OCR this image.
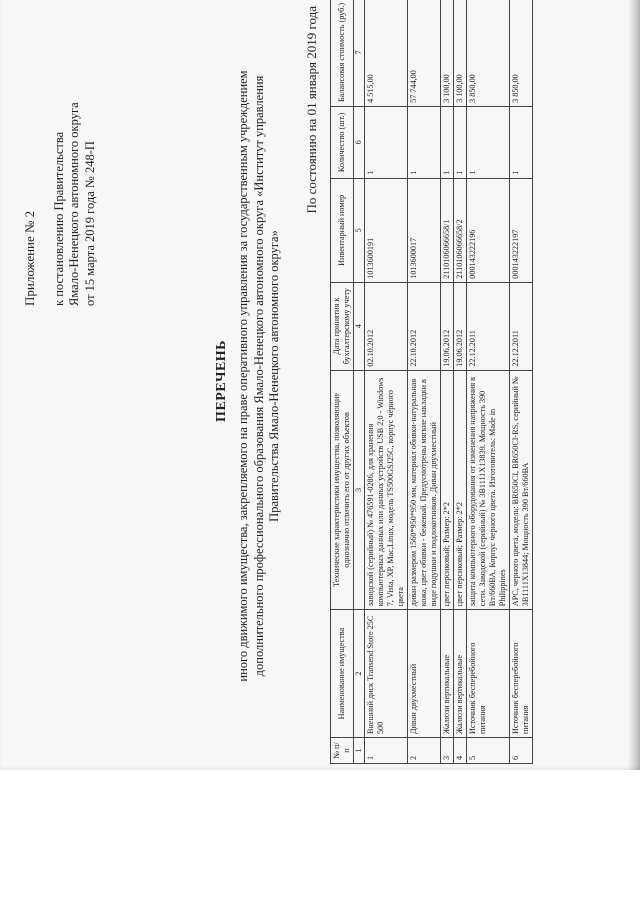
Приложение № 2 к постановлению Правительства Ямало-Ненецкого автономного округа от 15 марта 2019 года № 248-П
ПЕРЕЧЕНЬ иного движимого имущества, закрепляемого на праве оперативного управления за государственным учреждением дополнительного профессионального образования Ямало-Ненецкого автономного округа «Институт управления Правительства Ямало-Ненецкого автономного округа»
По состоянию на 01 января 2019 года
№ п/п	Наименование имущества	Технические характеристики имущества, позволяющие однозначно отличить его от других объектов	Дата принятия к бухгалтерскому учету	Инвентарный номер	Количество (шт.)	Балансовая стоимость (руб.)
1	2	3	4	5	6	7
1	Внешний диск Transend Store 25C 500	заводской (серийный) № 476591-0286, для хранения компьютерных данных или данных устройств USB 2,0 - Windows 7, Vista, XP, Mac,Linux, модель TS500GSJ25C, корпус чёрного цвета	02.10.2012	1013600191	1	4 515,00
2	Диван двухместный	диван размером 1560*950*950 мм, материал обивки-натуральная кожа, цвет обивки - бежевый. Предусмотрены мягкие накладки в виде подушки и подлокотников. Диван двухместный	22.10.2012	1013600017	1	57 744,00
3	Жалюзи вертикальные	цвет персиковый; Размер: 2*2	19.06.2012	2110106066658/1	1	3 100,00
4	Жалюзи вертикальные	цвет персиковый; Размер: 2*2	19.06.2012	2110106066658/2	1	3 100,00
5	Источник бесперебойного питания	защита компьютерного оборудования от изменения напряжения в сети. Заводской (серийный) № 3B1111X13839. Мощность 390 Вт/660ВА. Корпус черного цвета. Изготовитель: Made in Philippines	22.12.2011	000143222196	1	3 850,00
6	Источник бесперебойного питания	APC, черного цвета, модель: BR650CI, BR650CI-RS, серийный № 3B1111X13844; Мощность 390 Вт/660ВА	22.12.2011	000143222197	1	3 850,00
